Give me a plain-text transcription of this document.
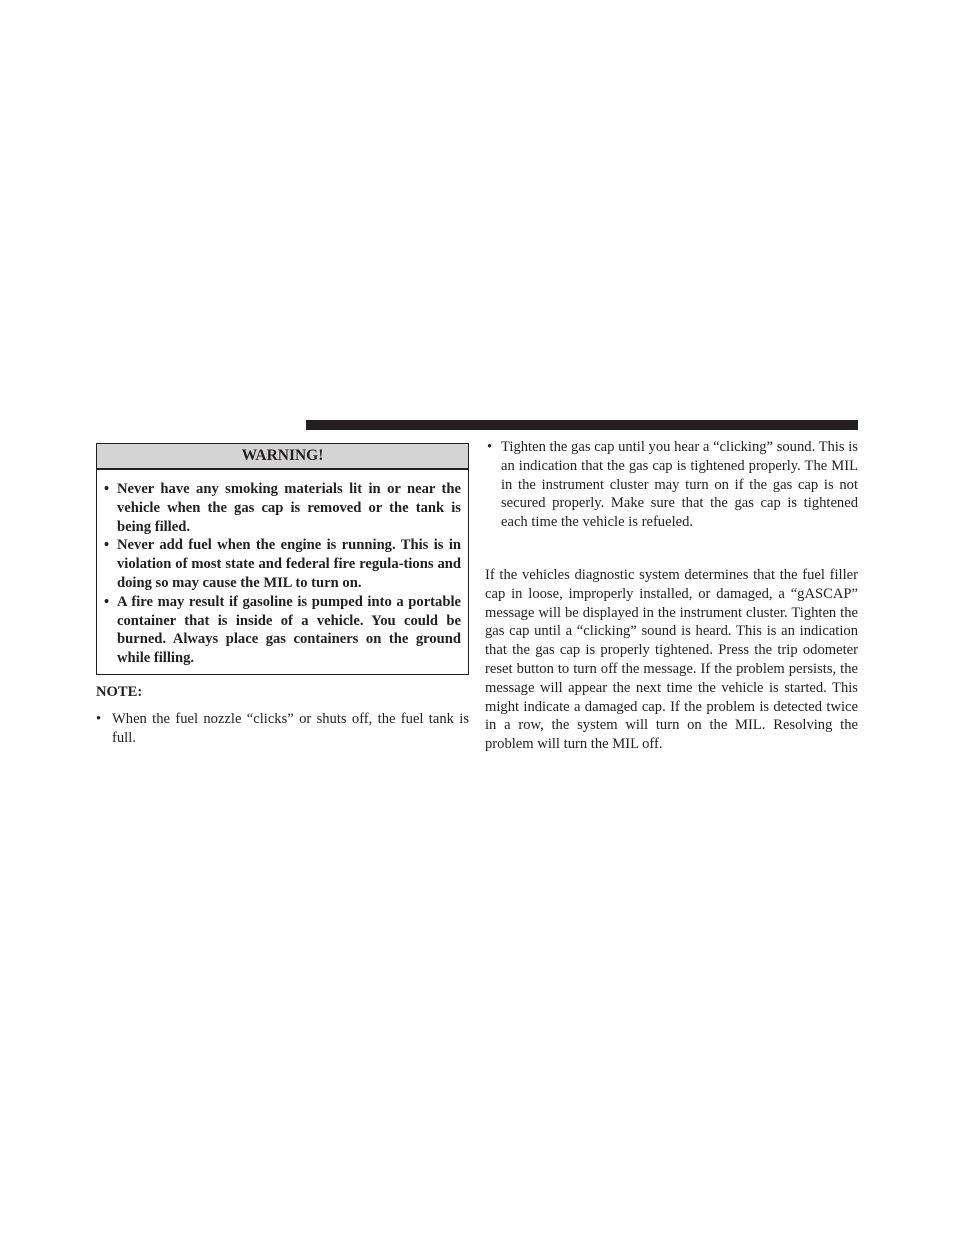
WARNING!
• Never have any smoking materials lit in or near the vehicle when the gas cap is removed or the tank is being filled.
• Never add fuel when the engine is running. This is in violation of most state and federal fire regula-tions and doing so may cause the MIL to turn on.
• A fire may result if gasoline is pumped into a portable container that is inside of a vehicle. You could be burned. Always place gas containers on the ground while filling.
NOTE:
• When the fuel nozzle “clicks” or shuts off, the fuel tank is full.
• Tighten the gas cap until you hear a “clicking” sound. This is an indication that the gas cap is tightened properly. The MIL in the instrument cluster may turn on if the gas cap is not secured properly. Make sure that the gas cap is tightened each time the vehicle is refueled.

If the vehicles diagnostic system determines that the fuel filler cap in loose, improperly installed, or damaged, a “gASCAP” message will be displayed in the instrument cluster. Tighten the gas cap until a “clicking” sound is heard. This is an indication that the gas cap is properly tightened. Press the trip odometer reset button to turn off the message. If the problem persists, the message will appear the next time the vehicle is started. This might indicate a damaged cap. If the problem is detected twice in a row, the system will turn on the MIL. Resolving the problem will turn the MIL off.
